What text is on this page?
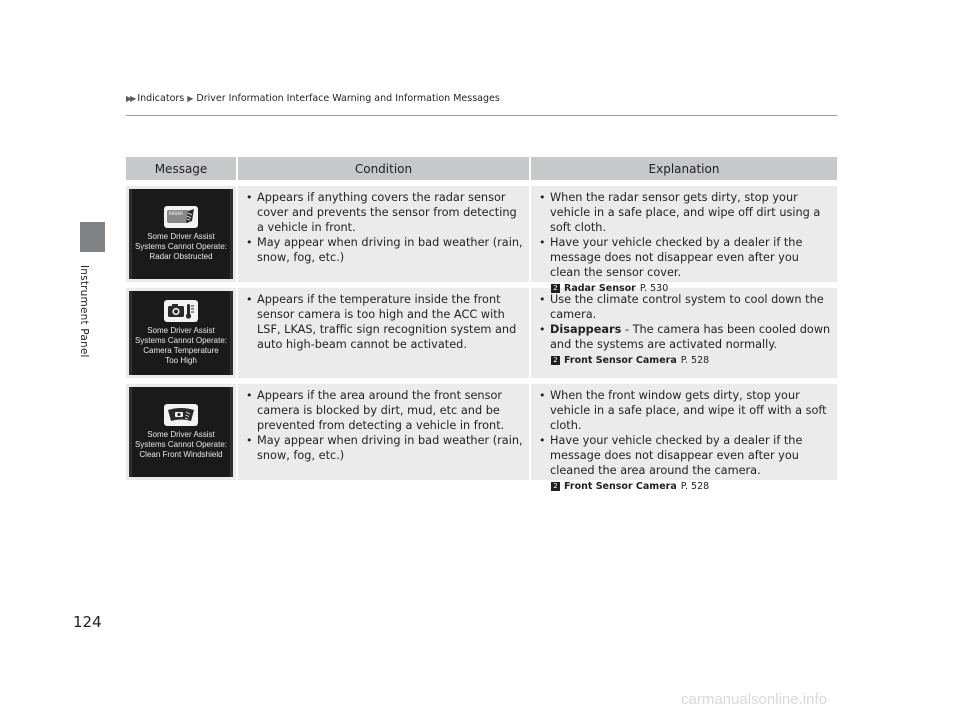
▶▶ Indicators ▶ Driver Information Interface Warning and Information Messages
Instrument Panel
Message	Condition	Explanation
RADAR
Some Driver Assist
Systems Cannot Operate:
Radar Obstructed
• Appears if anything covers the radar sensor cover and prevents the sensor from detecting a vehicle in front.
• May appear when driving in bad weather (rain, snow, fog, etc.)
• When the radar sensor gets dirty, stop your vehicle in a safe place, and wipe off dirt using a soft cloth.
• Have your vehicle checked by a dealer if the message does not disappear even after you clean the sensor cover.
2 Radar Sensor P. 530
Some Driver Assist
Systems Cannot Operate:
Camera Temperature
Too High
• Appears if the temperature inside the front sensor camera is too high and the ACC with LSF, LKAS, traffic sign recognition system and auto high-beam cannot be activated.
• Use the climate control system to cool down the camera.
• Disappears - The camera has been cooled down and the systems are activated normally.
2 Front Sensor Camera P. 528
Some Driver Assist
Systems Cannot Operate:
Clean Front Windshield
• Appears if the area around the front sensor camera is blocked by dirt, mud, etc and be prevented from detecting a vehicle in front.
• May appear when driving in bad weather (rain, snow, fog, etc.)
• When the front window gets dirty, stop your vehicle in a safe place, and wipe it off with a soft cloth.
• Have your vehicle checked by a dealer if the message does not disappear even after you cleaned the area around the camera.
2 Front Sensor Camera P. 528
124
carmanualsonline.info
